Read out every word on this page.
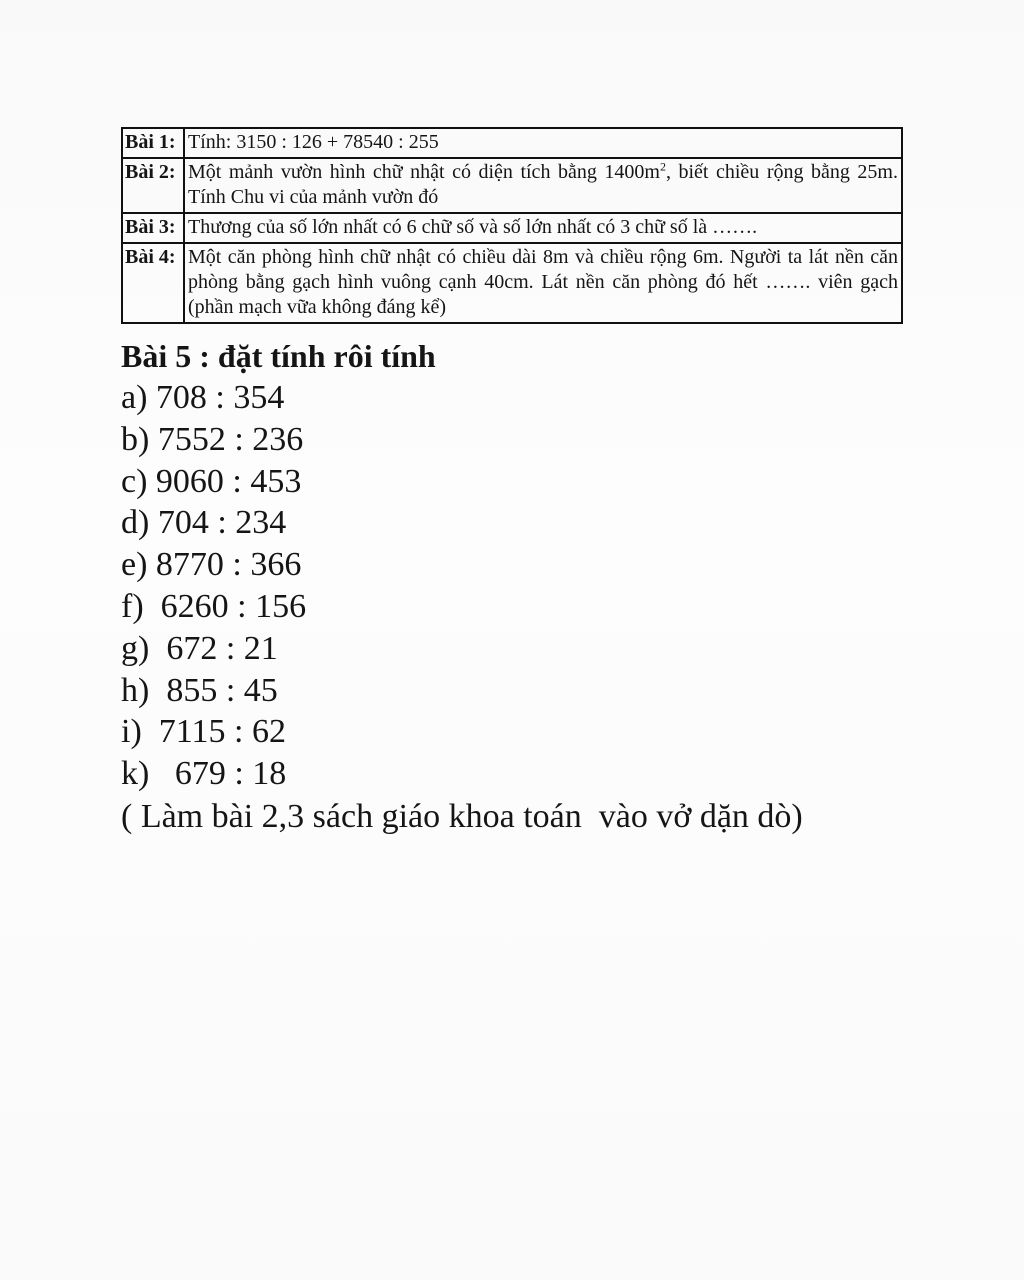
Bài 1:	Tính: 3150 : 126 + 78540 : 255
Bài 2:	Một mảnh vườn hình chữ nhật có diện tích bằng $1400m^2$, biết chiều rộng bằng 25m. Tính Chu vi của mảnh vườn đó
Bài 3:	Thương của số lớn nhất có 6 chữ số và số lớn nhất có 3 chữ số là …….
Bài 4:	Một căn phòng hình chữ nhật có chiều dài 8m và chiều rộng 6m. Người ta lát nền căn phòng bằng gạch hình vuông cạnh 40cm. Lát nền căn phòng đó hết ……. viên gạch (phần mạch vữa không đáng kể)
Bài 5 : đặt tính rôi tính
a) 708 : 354
b) 7552 : 236
c) 9060 : 453
d) 704 : 234
e) 8770 : 366
f)  6260 : 156
g)  672 : 21
h)  855 : 45
i)  7115 : 62
k)   679 : 18
( Làm bài 2,3 sách giáo khoa toán  vào vở dặn dò)
